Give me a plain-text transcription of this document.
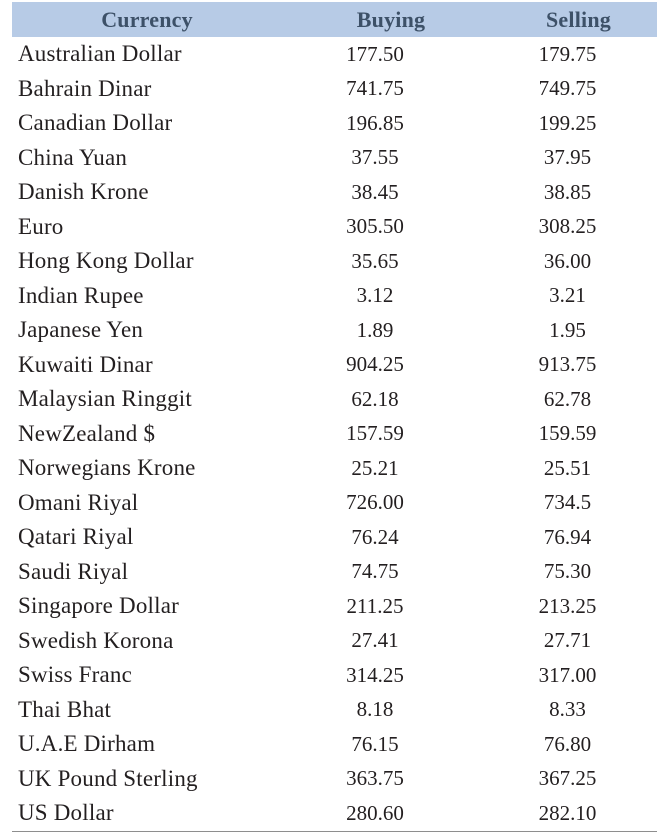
Currency	Buying	Selling
Australian Dollar	177.50	179.75
Bahrain Dinar	741.75	749.75
Canadian Dollar	196.85	199.25
China Yuan	37.55	37.95
Danish Krone	38.45	38.85
Euro	305.50	308.25
Hong Kong Dollar	35.65	36.00
Indian Rupee	3.12	3.21
Japanese Yen	1.89	1.95
Kuwaiti Dinar	904.25	913.75
Malaysian Ringgit	62.18	62.78
NewZealand $	157.59	159.59
Norwegians Krone	25.21	25.51
Omani Riyal	726.00	734.5
Qatari Riyal	76.24	76.94
Saudi Riyal	74.75	75.30
Singapore Dollar	211.25	213.25
Swedish Korona	27.41	27.71
Swiss Franc	314.25	317.00
Thai Bhat	8.18	8.33
U.A.E Dirham	76.15	76.80
UK Pound Sterling	363.75	367.25
US Dollar	280.60	282.10
